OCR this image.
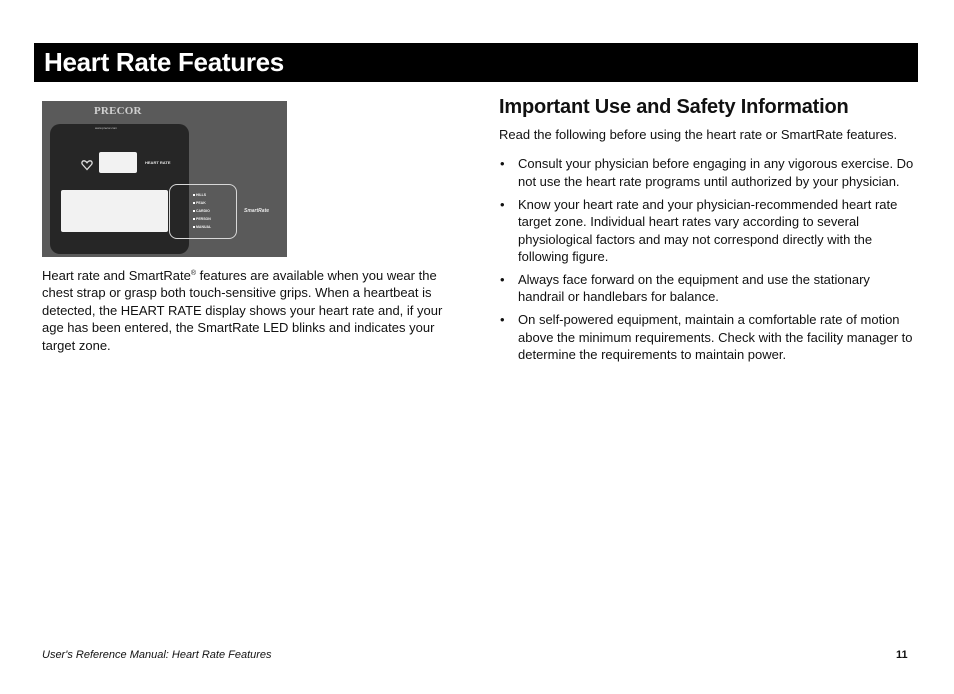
Heart Rate Features
PRECOR
www.precor.com
HEART RATE
HILLS
PEAK
CARDIO
PERSON
MANUAL
SmartRate

Heart rate and SmartRate® features are available when you wear the chest strap or grasp both touch-sensitive grips. When a heartbeat is detected, the HEART RATE display shows your heart rate and, if your age has been entered, the SmartRate LED blinks and indicates your target zone.

Important Use and Safety Information

Read the following before using the heart rate or SmartRate features.

• Consult your physician before engaging in any vigorous exercise. Do not use the heart rate programs until authorized by your physician.
• Know your heart rate and your physician-recommended heart rate target zone. Individual heart rates vary according to several physiological factors and may not correspond directly with the following figure.
• Always face forward on the equipment and use the stationary handrail or handlebars for balance.
• On self-powered equipment, maintain a comfortable rate of motion above the minimum requirements. Check with the facility manager to determine the requirements to maintain power.
User's Reference Manual: Heart Rate Features	11
